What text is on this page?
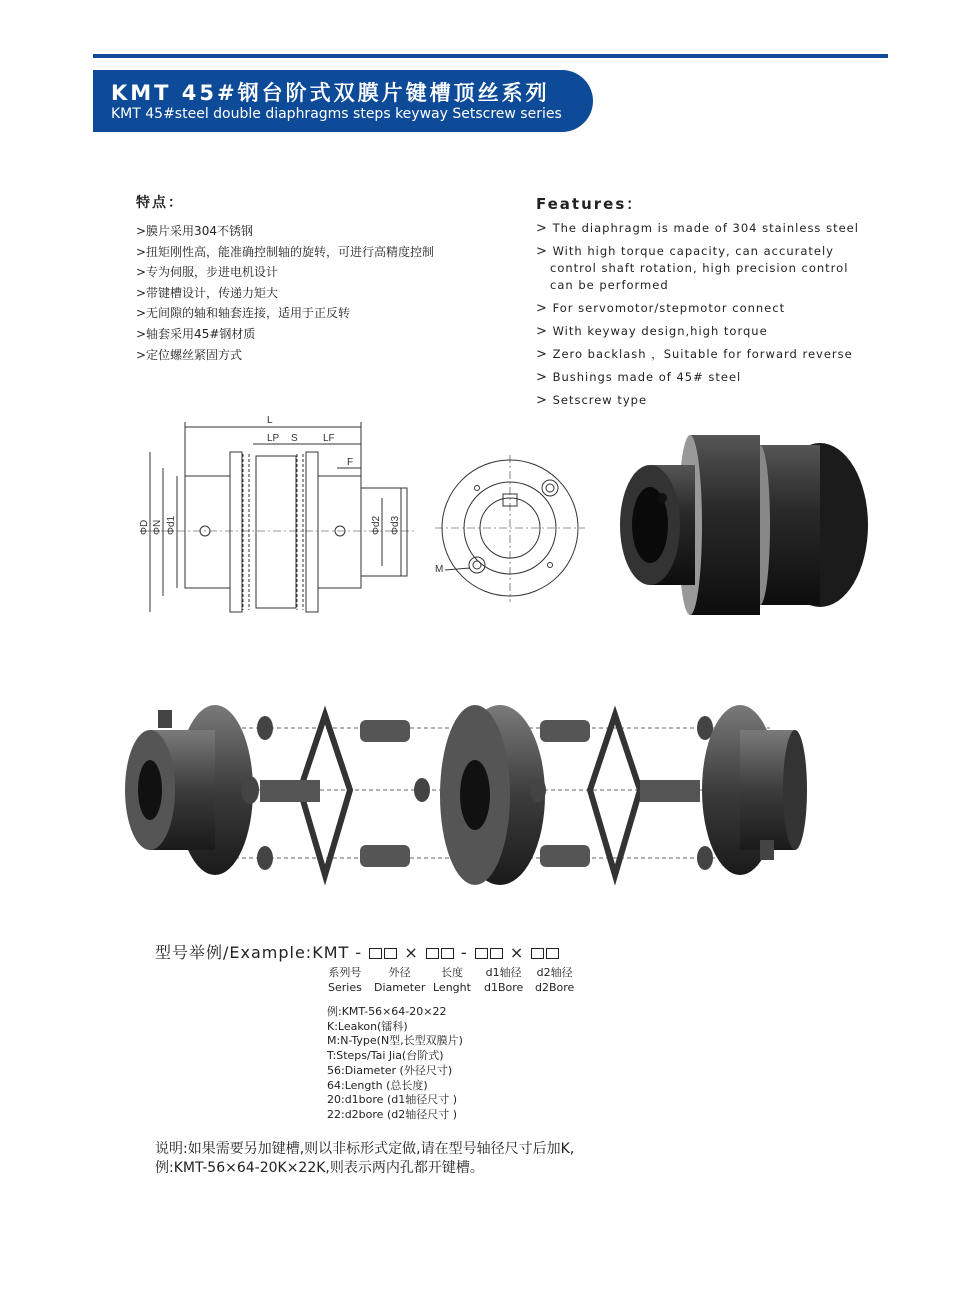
KMT 45#钢台阶式双膜片键槽顶丝系列
KMT 45#steel double diaphragms steps keyway Setscrew series
特点：
>膜片采用304不锈钢
>扭矩刚性高，能准确控制轴的旋转，可进行高精度控制
>专为伺服，步进电机设计
>带键槽设计，传递力矩大
>无间隙的轴和轴套连接，适用于正反转
>轴套采用45#钢材质
>定位螺丝紧固方式
Features：
> The diaphragm is made of 304 stainless steel
> With high torque capacity, can accurately control shaft rotation, high precision control can be performed
> For servomotor/stepmotor connect
> With keyway design,high torque
> Zero backlash ，Suitable for forward reverse
> Bushings made of 45# steel
> Setscrew type
L
LP S	LF
F
ΦD ΦN Φd1	Φd2 Φd3
M
型号举例/Example:KMT -	×	-	×
系列号
Series
外径
Diameter
长度
Lenght
d1轴径
d1Bore
d2轴径
d2Bore
例:KMT-56×64-20×22
K:Leakon(镭科)
M:N-Type(N型,长型双膜片)
T:Steps/Tai Jia(台阶式)
56:Diameter (外径尺寸)
64:Length (总长度)
20:d1bore (d1轴径尺寸 )
22:d2bore (d2轴径尺寸 )
说明:如果需要另加键槽,则以非标形式定做,请在型号轴径尺寸后加K,
例:KMT-56×64-20K×22K,则表示两内孔都开键槽。
